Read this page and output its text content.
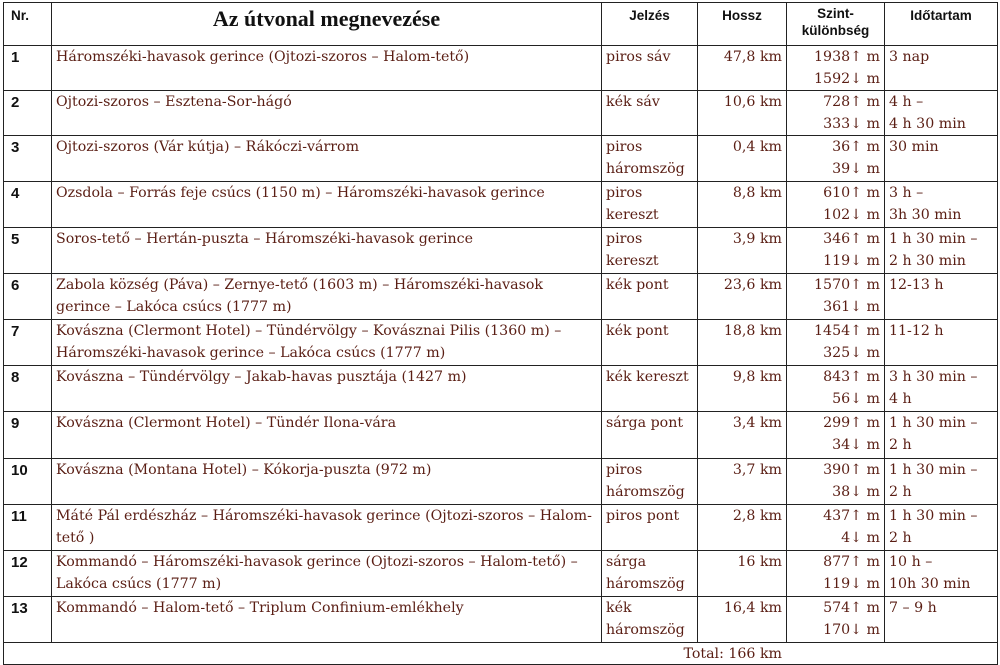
Nr.	Az útvonal megnevezése	Jelzés	Hossz	Szint-
különbség	Időtartam
1	Háromszéki-havasok gerince (Ojtozi-szoros – Halom-tető)	piros sáv	47,8 km	1938↑ m
1592↓ m	3 nap

2	Ojtozi-szoros – Esztena-Sor-hágó	kék sáv	10,6 km	728↑ m
333↓ m	4 h –
4 h 30 min

3	Ojtozi-szoros (Vár kútja) – Rákóczi-várrom	piros háromszög	0,4 km	36↑ m
39↓ m	30 min

4	Ozsdola – Forrás feje csúcs (1150 m) – Háromszéki-havasok gerince	piros kereszt	8,8 km	610↑ m
102↓ m	3 h –
3h 30 min

5	Soros-tető – Hertán-puszta – Háromszéki-havasok gerince	piros kereszt	3,9 km	346↑ m
119↓ m	1 h 30 min –
2 h 30 min

6	Zabola község (Páva) – Zernye-tető (1603 m) – Háromszéki-havasok gerince – Lakóca csúcs (1777 m)	kék pont	23,6 km	1570↑ m
361↓ m	12-13 h

7	Kovászna (Clermont Hotel) – Tündérvölgy – Kovásznai Pilis (1360 m) – Háromszéki-havasok gerince – Lakóca csúcs (1777 m)	kék pont	18,8 km	1454↑ m
325↓ m	11-12 h

8	Kovászna – Tündérvölgy – Jakab-havas pusztája (1427 m)	kék kereszt	9,8 km	843↑ m
56↓ m	3 h 30 min –
4 h

9	Kovászna (Clermont Hotel) – Tündér Ilona-vára	sárga pont	3,4 km	299↑ m
34↓ m	1 h 30 min –
2 h

10	Kovászna (Montana Hotel) – Kókorja-puszta (972 m)	piros háromszög	3,7 km	390↑ m
38↓ m	1 h 30 min –
2 h

11	Máté Pál erdészház – Háromszéki-havasok gerince (Ojtozi-szoros – Halom-tető )	piros pont	2,8 km	437↑ m
4↓ m	1 h 30 min –
2 h

12	Kommandó – Háromszéki-havasok gerince (Ojtozi-szoros – Halom-tető) – Lakóca csúcs (1777 m)	sárga háromszög	16 km	877↑ m
119↓ m	10 h –
10h 30 min

13	Kommandó – Halom-tető – Triplum Confinium-emlékhely	kék háromszög	16,4 km	574↑ m
170↓ m	7 – 9 h

Total: 166 km					
